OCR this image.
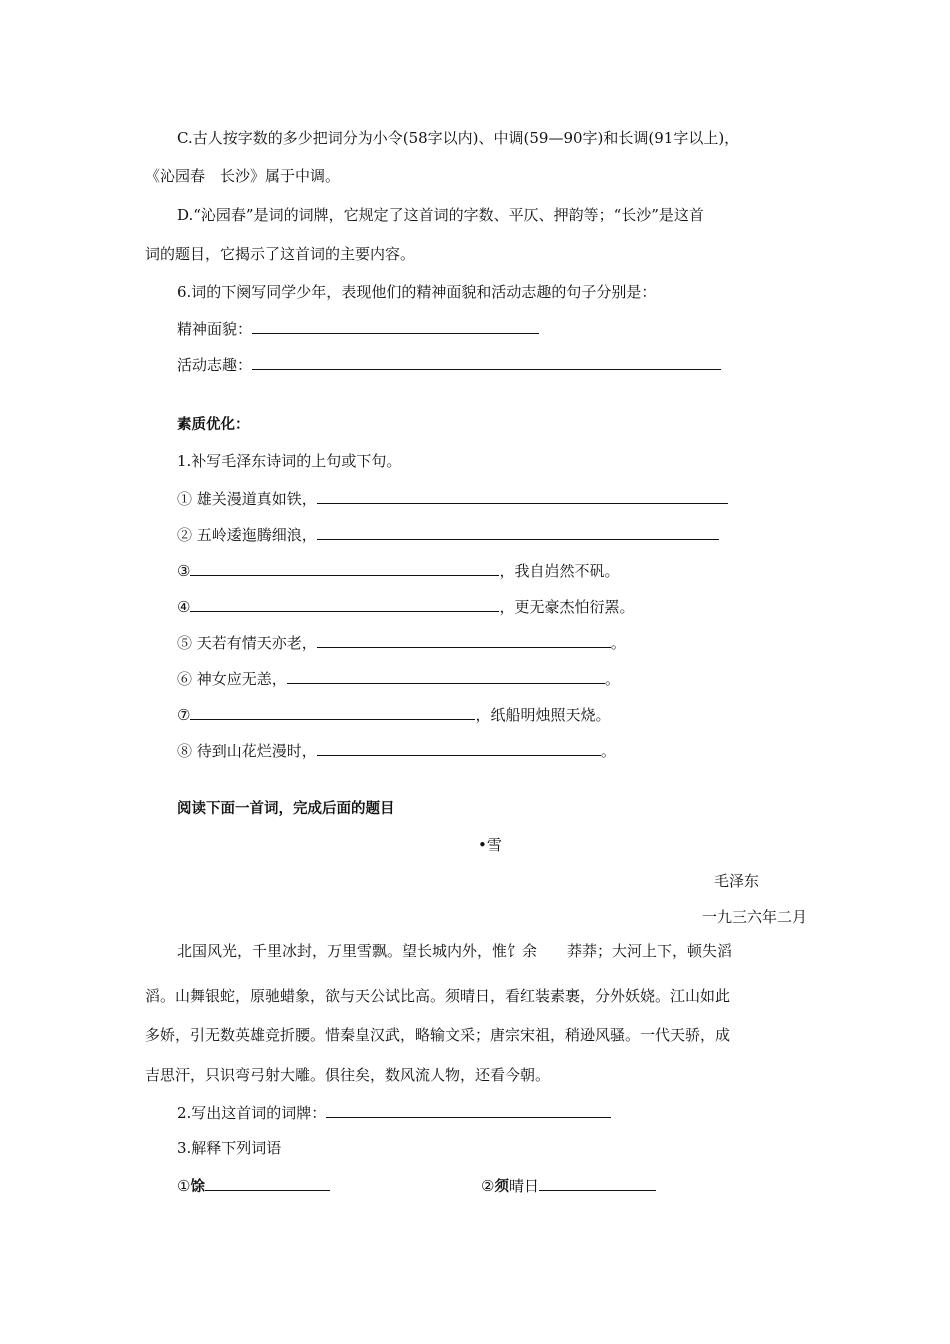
C.古人按字数的多少把词分为小令(58字以内)、中调(59—90字)和长调(91字以上)，
《沁园春　长沙》属于中调。
D.“沁园春”是词的词牌，它规定了这首词的字数、平仄、押韵等；“长沙”是这首
词的题目，它揭示了这首词的主要内容。
6.词的下阕写同学少年，表现他们的精神面貌和活动志趣的句子分别是：
精神面貌：
活动志趣：
素质优化：
1.补写毛泽东诗词的上句或下句。
① 雄关漫道真如铁，
② 五岭逶迤腾细浪，
③	，我自岿然不矾。
④	，更无豪杰怕衍罴。
⑤ 天若有情天亦老，	。
⑥ 神女应无恙，	。
⑦	，纸船明烛照天烧。
⑧ 待到山花烂漫时，	。
阅读下面一首词，完成后面的题目
•雪
毛泽东
一九三六年二月
北国风光，千里冰封，万里雪飘。望长城内外，惟饣余　　莽莽；大河上下，顿失滔
滔。山舞银蛇，原驰蜡象，欲与天公试比高。须晴日，看红装素裹，分外妖娆。江山如此
多娇，引无数英雄竞折腰。惜秦皇汉武，略输文采；唐宗宋祖，稍逊风骚。一代天骄，成
吉思汗，只识弯弓射大雕。俱往矣，数风流人物，还看今朝。
2.写出这首词的词牌：
3.解释下列词语
①馀	②须晴日
